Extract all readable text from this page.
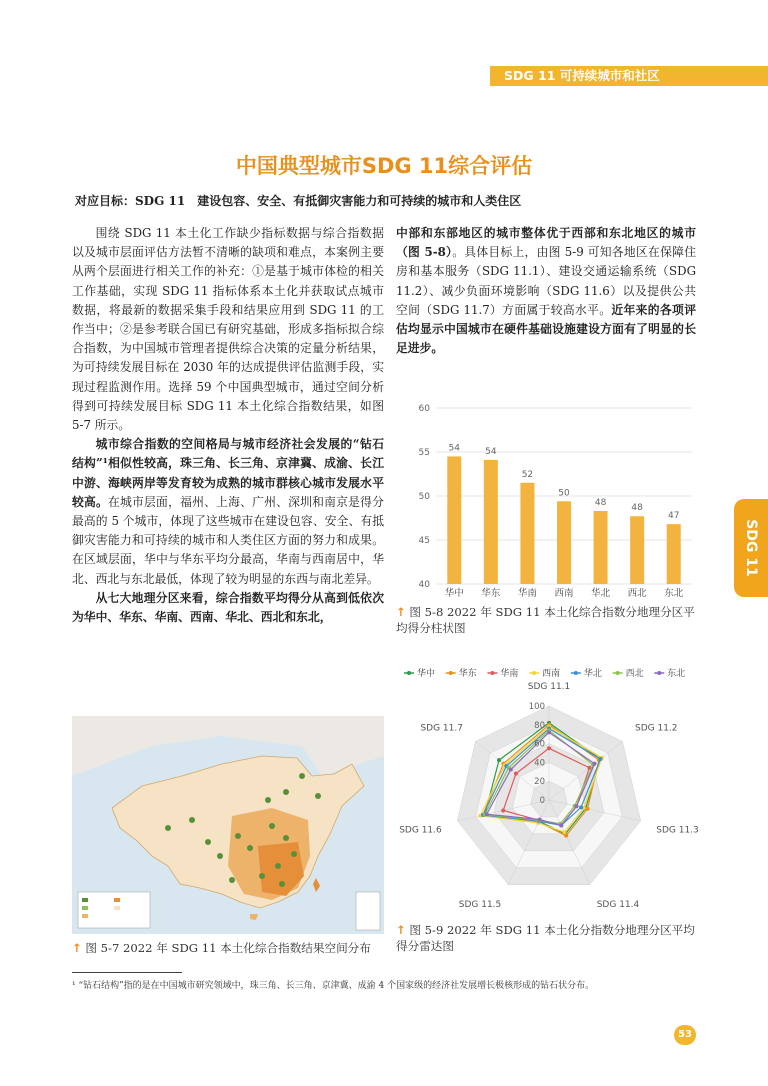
SDG 11 可持续城市和社区
SDG 11
中国典型城市SDG 11综合评估
对应目标：SDG 11　建设包容、安全、有抵御灾害能力和可持续的城市和人类住区

围绕 SDG 11 本土化工作缺少指标数据与综合指数据以及城市层面评估方法暂不清晰的缺项和难点，本案例主要从两个层面进行相关工作的补充：①是基于城市体检的相关工作基础，实现 SDG 11 指标体系本土化并获取试点城市数据，将最新的数据采集手段和结果应用到 SDG 11 的工作当中；②是参考联合国已有研究基础，形成多指标拟合综合指数，为中国城市管理者提供综合决策的定量分析结果，为可持续发展目标在 2030 年的达成提供评估监测手段，实现过程监测作用。选择 59 个中国典型城市，通过空间分析得到可持续发展目标 SDG 11 本土化综合指数结果，如图 5-7 所示。

城市综合指数的空间格局与城市经济社会发展的“钻石结构”¹相似性较高，珠三角、长三角、京津冀、成渝、长江中游、海峡两岸等发育较为成熟的城市群核心城市发展水平较高。在城市层面，福州、上海、广州、深圳和南京是得分最高的 5 个城市，体现了这些城市在建设包容、安全、有抵御灾害能力和可持续的城市和人类住区方面的努力和成果。在区域层面，华中与华东平均分最高，华南与西南居中，华北、西北与东北最低，体现了较为明显的东西与南北差异。

从七大地理分区来看，综合指数平均得分从高到低依次为华中、华东、华南、西南、华北、西北和东北，

中部和东部地区的城市整体优于西部和东北地区的城市（图 5-8）。具体目标上，由图 5-9 可知各地区在保障住房和基本服务（SDG 11.1）、建设交通运输系统（SDG 11.2）、减少负面环境影响（SDG 11.6）以及提供公共空间（SDG 11.7）方面属于较高水平。近年来的各项评估均显示中国城市在硬件基础设施建设方面有了明显的长足进步。

↑ 图 5-7 2022 年 SDG 11 本土化综合指数结果空间分布
40
45
50
55
60
54	54
52
50
48
48
47
华中 华东 华南 西南 华北 西北 东北
↑ 图 5-8 2022 年 SDG 11 本土化综合指数分地理分区平均得分柱状图
华中	华东	华南	西南	华北	西北	东北
SDG 11.1
SDG 11.2
SDG 11.3
SDG 11.4
SDG 11.5
SDG 11.6
SDG 11.7
0
20
40
60
80
100
↑ 图 5-9 2022 年 SDG 11 本土化分指数分地理分区平均得分雷达图
¹ “钻石结构”指的是在中国城市研究领域中，珠三角、长三角、京津冀、成渝 4 个国家级的经济社发展增长极核形成的钻石状分布。
53
